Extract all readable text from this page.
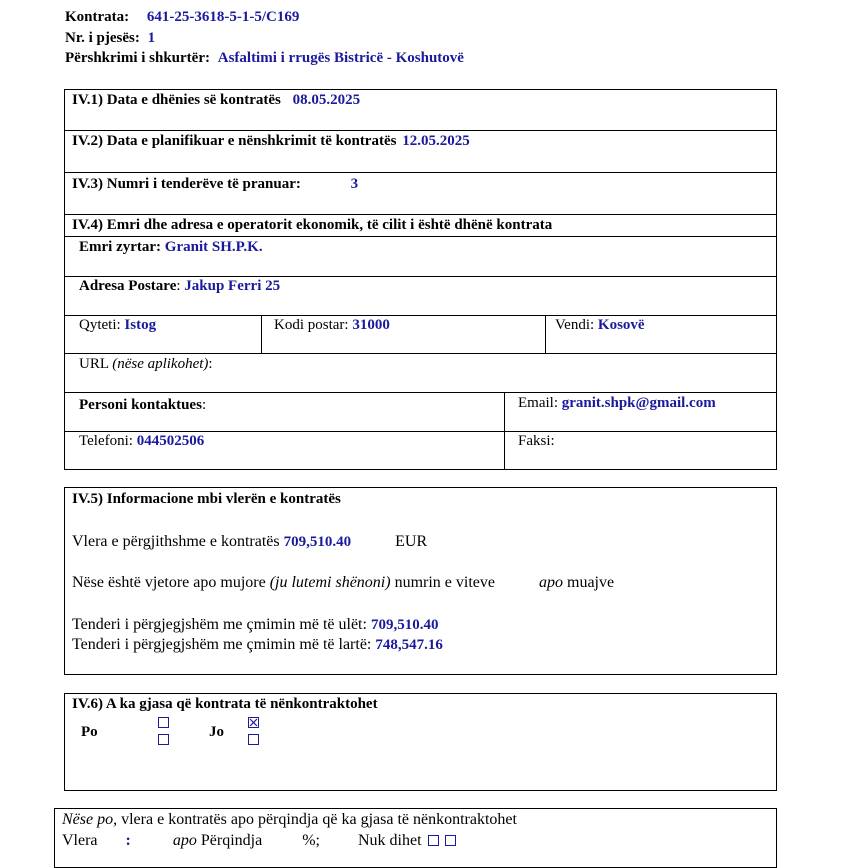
Kontrata: 641-25-3618-5-1-5/C169
Nr. i pjesës: 1
Përshkrimi i shkurtër: Asfaltimi i rrugës Bistricë - Koshutovë
IV.1) Data e dhënies së kontratës 08.05.2025
IV.2) Data e planifikuar e nënshkrimit të kontratës 12.05.2025
IV.3) Numri i tenderëve të pranuar:	3
IV.4) Emri dhe adresa e operatorit ekonomik, të cilit i është dhënë kontrata
Emri zyrtar: Granit SH.P.K.
Adresa Postare: Jakup Ferri 25
Qyteti: Istog	Kodi postar: 31000	Vendi: Kosovë
URL (nëse aplikohet):
Personi kontaktues:	Email: granit.shpk@gmail.com
Telefoni: 044502506	Faksi:
IV.5) Informacione mbi vlerën e kontratës
Vlera e përgjithshme e kontratës 709,510.40	EUR
Nëse është vjetore apo mujore (ju lutemi shënoni) numrin e viteve	apo muajve
Tenderi i përgjegjshëm me çmimin më të ulët: 709,510.40
Tenderi i përgjegjshëm me çmimin më të lartë: 748,547.16
IV.6) A ka gjasa që kontrata të nënkontraktohet
Po	Jo
Nëse po, vlera e kontratës apo përqindja që ka gjasa të nënkontraktohet
Vlera :	apo Përqindja	%; Nuk dihet
